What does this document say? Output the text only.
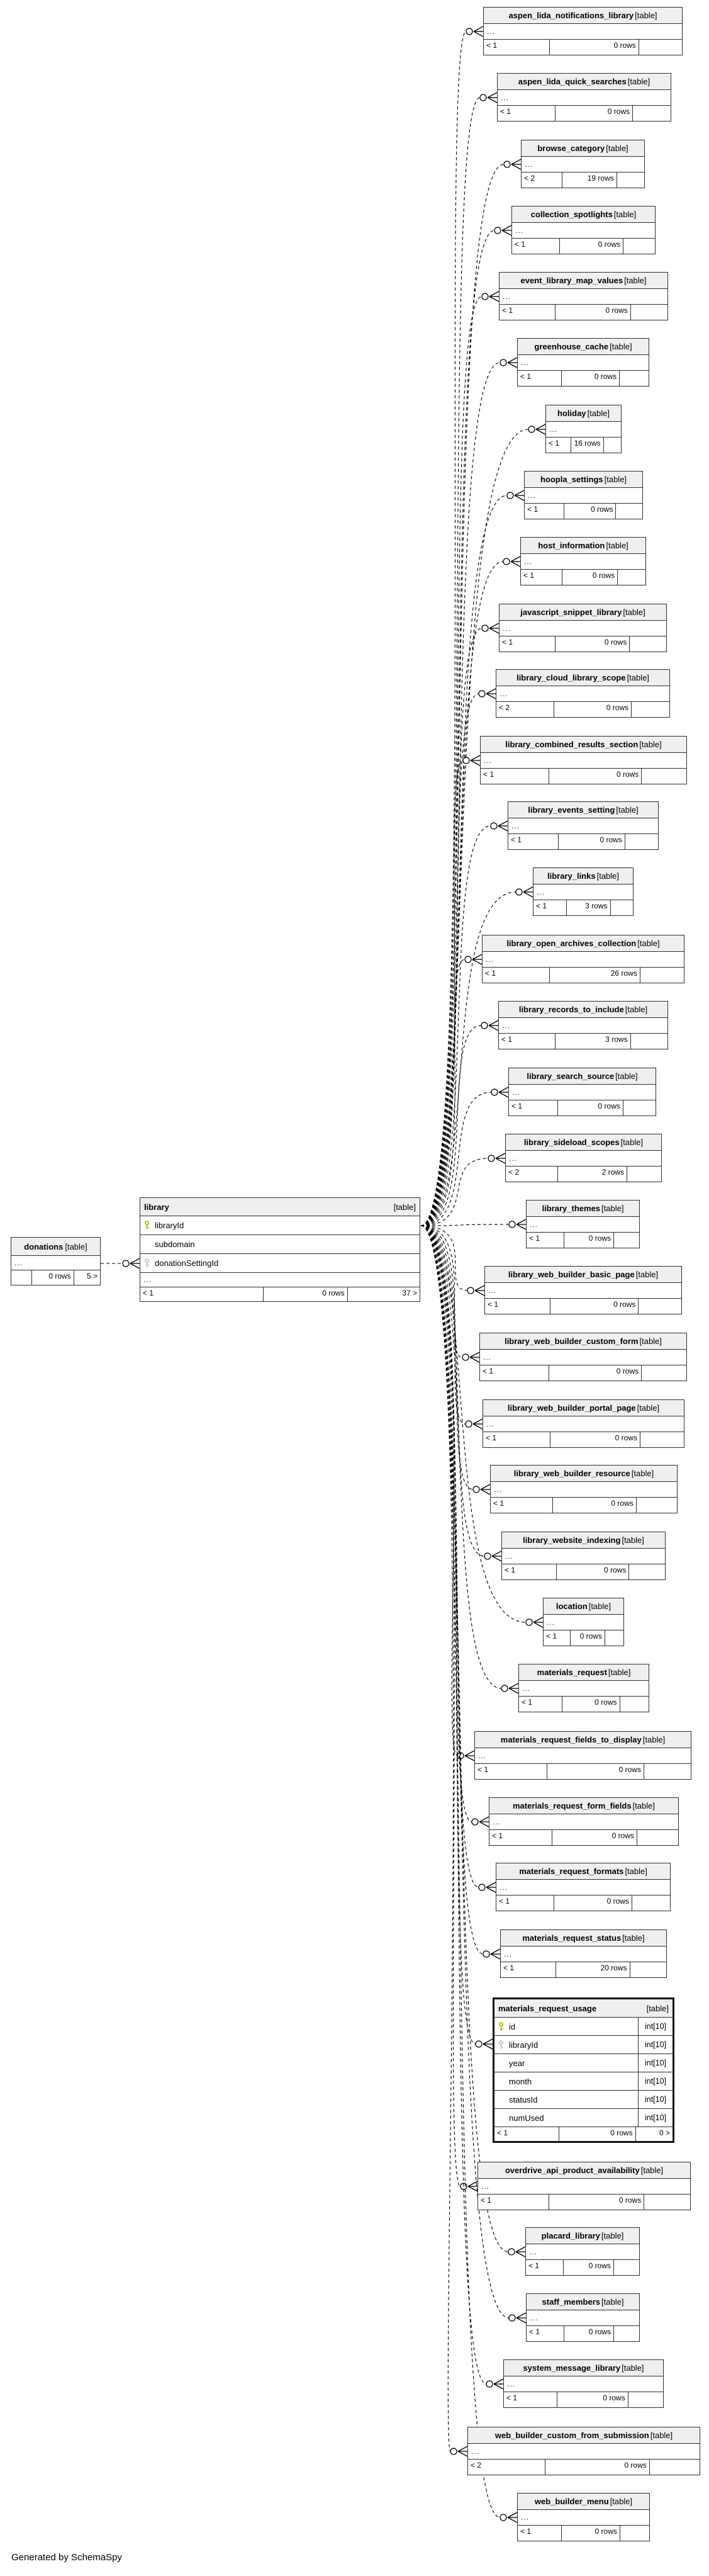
Generated by SchemaSpy
library	[table]
libraryId
subdomain
donationSettingId
...
< 1	0 rows	37 >
donations [table]
...
0 rows	5 >
materials_request_usage	[table]
id	int[10]
libraryId	int[10]
year	int[10]
month	int[10]
statusId	int[10]
numUsed	int[10]
< 1	0 rows	0 >
aspen_lida_notifications_library [table]
...
< 1	0 rows
aspen_lida_quick_searches [table]
...
< 1	0 rows
browse_category [table]
...
< 2	19 rows
collection_spotlights [table]
...
< 1	0 rows
event_library_map_values [table]
...
< 1	0 rows
greenhouse_cache [table]
...
< 1	0 rows
holiday [table]
...
< 1	16 rows
hoopla_settings [table]
...
< 1	0 rows
host_information [table]
...
< 1	0 rows
javascript_snippet_library [table]
...
< 1	0 rows
library_cloud_library_scope [table]
...
< 2	0 rows
library_combined_results_section [table]
...
< 1	0 rows
library_events_setting [table]
...
< 1	0 rows
library_links [table]
...
< 1	3 rows
library_open_archives_collection [table]
...
< 1	26 rows
library_records_to_include [table]
...
< 1	3 rows
library_search_source [table]
...
< 1	0 rows
library_sideload_scopes [table]
...
< 2	2 rows
library_themes [table]
...
< 1	0 rows
library_web_builder_basic_page [table]
...
< 1	0 rows
library_web_builder_custom_form [table]
...
< 1	0 rows
library_web_builder_portal_page [table]
...
< 1	0 rows
library_web_builder_resource [table]
...
< 1	0 rows
library_website_indexing [table]
...
< 1	0 rows
location [table]
...
< 1	0 rows
materials_request [table]
...
< 1	0 rows
materials_request_fields_to_display [table]
...
< 1	0 rows
materials_request_form_fields [table]
...
< 1	0 rows
materials_request_formats [table]
...
< 1	0 rows
materials_request_status [table]
...
< 1	20 rows
overdrive_api_product_availability [table]
...
< 1	0 rows
placard_library [table]
...
< 1	0 rows
staff_members [table]
...
< 1	0 rows
system_message_library [table]
...
< 1	0 rows
web_builder_custom_from_submission [table]
...
< 2	0 rows
web_builder_menu [table]
...
< 1	0 rows
